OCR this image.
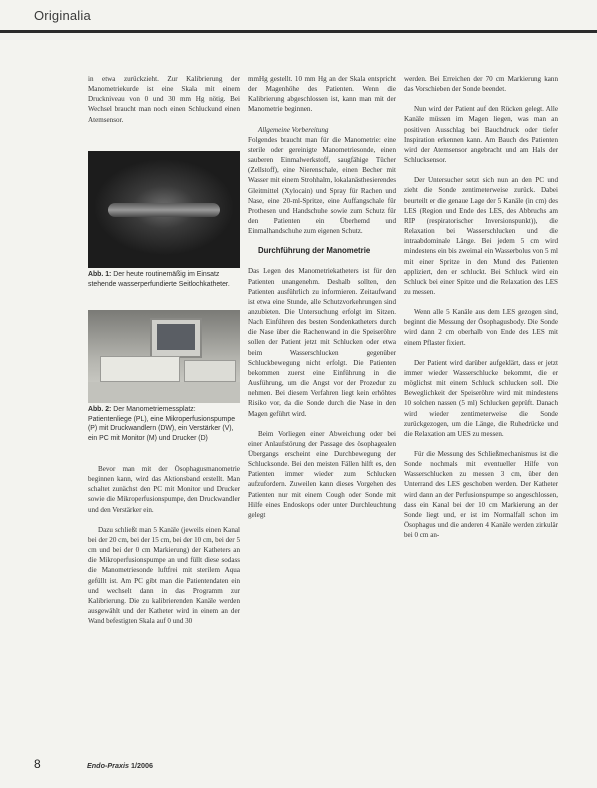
Originalia

in etwa zurückzieht. Zur Kalibrierung der Manometriekurde ist eine Skala mit einem Druckniveau von 0 und 30 mm Hg nötig. Bei Wechsel braucht man noch einen Schluckund einen Atemsensor.

Abb. 1: Der heute routinemäßig im Einsatz stehende wasserperfundierte Seitlochkatheter.
Abb. 2: Der Manometriemessplatz: Patientenliege (PL), eine Mikroperfusionspumpe (P) mit Druckwandlern (DW), ein Verstärker (V), ein PC mit Monitor (M) und Drucker (D)

Bevor man mit der Ösophagusmanometrie beginnen kann, wird das Aktionsband erstellt. Man schaltet zunächst den PC mit Monitor und Drucker sowie die Mikroperfusionspumpe, den Druckwandler und den Verstärker ein.

Dazu schließt man 5 Kanäle (jeweils einen Kanal bei der 20 cm, bei der 15 cm, bei der 10 cm, bei der 5 cm und bei der 0 cm Markierung) der Katheters an die Mikroperfusionspumpe an und füllt diese sodass die Manometriesonde luftfrei mit sterilem Aqua gefüllt ist. Am PC gibt man die Patientendaten ein und wechselt dann in das Programm zur Kalibrierung. Die zu kalibrierenden Kanäle werden ausgewählt und der Katheter wird in einem an der Wand befestigten Skala auf 0 und 30

mmHg gestellt. 10 mm Hg an der Skala entspricht der Magenhöhe des Patienten. Wenn die Kalibrierung abgeschlossen ist, kann man mit der Manometrie beginnen.

Allgemeine Vorbereitung

Folgendes braucht man für die Manometrie: eine sterile oder gereinigte Manometriesonde, einen sauberen Einmalwerkstoff, saugfähige Tücher (Zellstoff), eine Nierenschale, einen Becher mit Wasser mit einem Strohhalm, lokalanästhesierendes Gleitmittel (Xylocain) und Spray für Rachen und Nase, eine 20-ml-Spritze, eine Auffangschale für Prothesen und Handschuhe sowie zum Schutz für den Patienten ein Überhemd und Einmalhandschuhe zum eigenen Schutz.

Durchführung der Manometrie

Das Legen des Manometriekatheters ist für den Patienten unangenehm. Deshalb sollten, den Patienten ausführlich zu informieren. Zeitaufwand ist etwa eine Stunde, alle Schutzvorkehrungen sind anzubieten. Die Untersuchung erfolgt im Sitzen. Nach Einführen des besten Sondenkatheters durch die Nase über die Rachenwand in die Speiseröhre sollen der Patient jetzt mit Schlucken oder etwa beim Wasserschlucken gegenüber Schluckbewegung nicht erfolgt. Die Patienten bekommen zuerst eine Einführung in die Ausführung, um die Angst vor der Prozedur zu nehmen. Bei diesem Verfahren liegt kein erhöhtes Risiko vor, da die Sonde durch die Nase in den Magen geführt wird.

Beim Vorliegen einer Abweichung oder bei einer Anlaufstörung der Passage des ösophagealen Übergangs erscheint eine Durchbewegung der Schlucksonde. Bei den meisten Fällen hilft es, den Patienten immer wieder zum Schlucken aufzufordern. Zuweilen kann dieses Vorgehen des Patienten nur mit einem Cough oder Sonde mit Hilfe eines Endoskops oder unter Durchleuchtung gelegt

werden. Bei Erreichen der 70 cm Markierung kann das Vorschieben der Sonde beendet.

Nun wird der Patient auf den Rücken gelegt. Alle Kanäle müssen im Magen liegen, was man an positiven Ausschlag bei Bauchdruck oder tiefer Inspiration erkennen kann. Am Bauch des Patienten wird der Atemsensor angebracht und am Hals der Schlucksensor.

Der Untersucher setzt sich nun an den PC und zieht die Sonde zentimeterweise zurück. Dabei beurteilt er die genaue Lage der 5 Kanäle (in cm) des LES (Region und Ende des LES, des Abbruchs am RIP (respiratorischer Inversionspunkt)), die Relaxation bei Wasserschlucken und die intraabdominale Länge. Bei jedem 5 cm wird mindestens ein bis zweimal ein Wasserbolus von 5 ml mit einer Spritze in den Mund des Patienten appliziert, den er schluckt. Bei Schluck wird ein Schluck bei einer Spitze und die Relaxation des LES zu messen.

Wenn alle 5 Kanäle aus dem LES gezogen sind, beginnt die Messung der Ösophagusbody. Die Sonde wird dann 2 cm oberhalb von Ende des LES mit einem Pflaster fixiert.

Der Patient wird darüber aufgeklärt, dass er jetzt immer wieder Wasserschlucke bekommt, die er möglichst mit einem Schluck schlucken soll. Die Beweglichkeit der Speiseröhre wird mit mindestens 10 solchen nassen (5 ml) Schlucken geprüft. Danach wird wieder zentimeterweise die Sonde zurückgezogen, um die Länge, die Ruhedrücke und die Relaxation am UES zu messen.

Für die Messung des Schließmechanismus ist die Sonde nochmals mit eventueller Hilfe von Wasserschlucken zu messen 3 cm, über den Unterrand des LES geschoben werden. Der Katheter wird dann an der Perfusionspumpe so angeschlossen, dass ein Kanal bei der 10 cm Markierung an der Sonde liegt und, er ist im Normalfall schon im Ösophagus und die anderen 4 Kanäle werden zirkulär bei 0 cm an-

8	Endo-Praxis 1/2006
